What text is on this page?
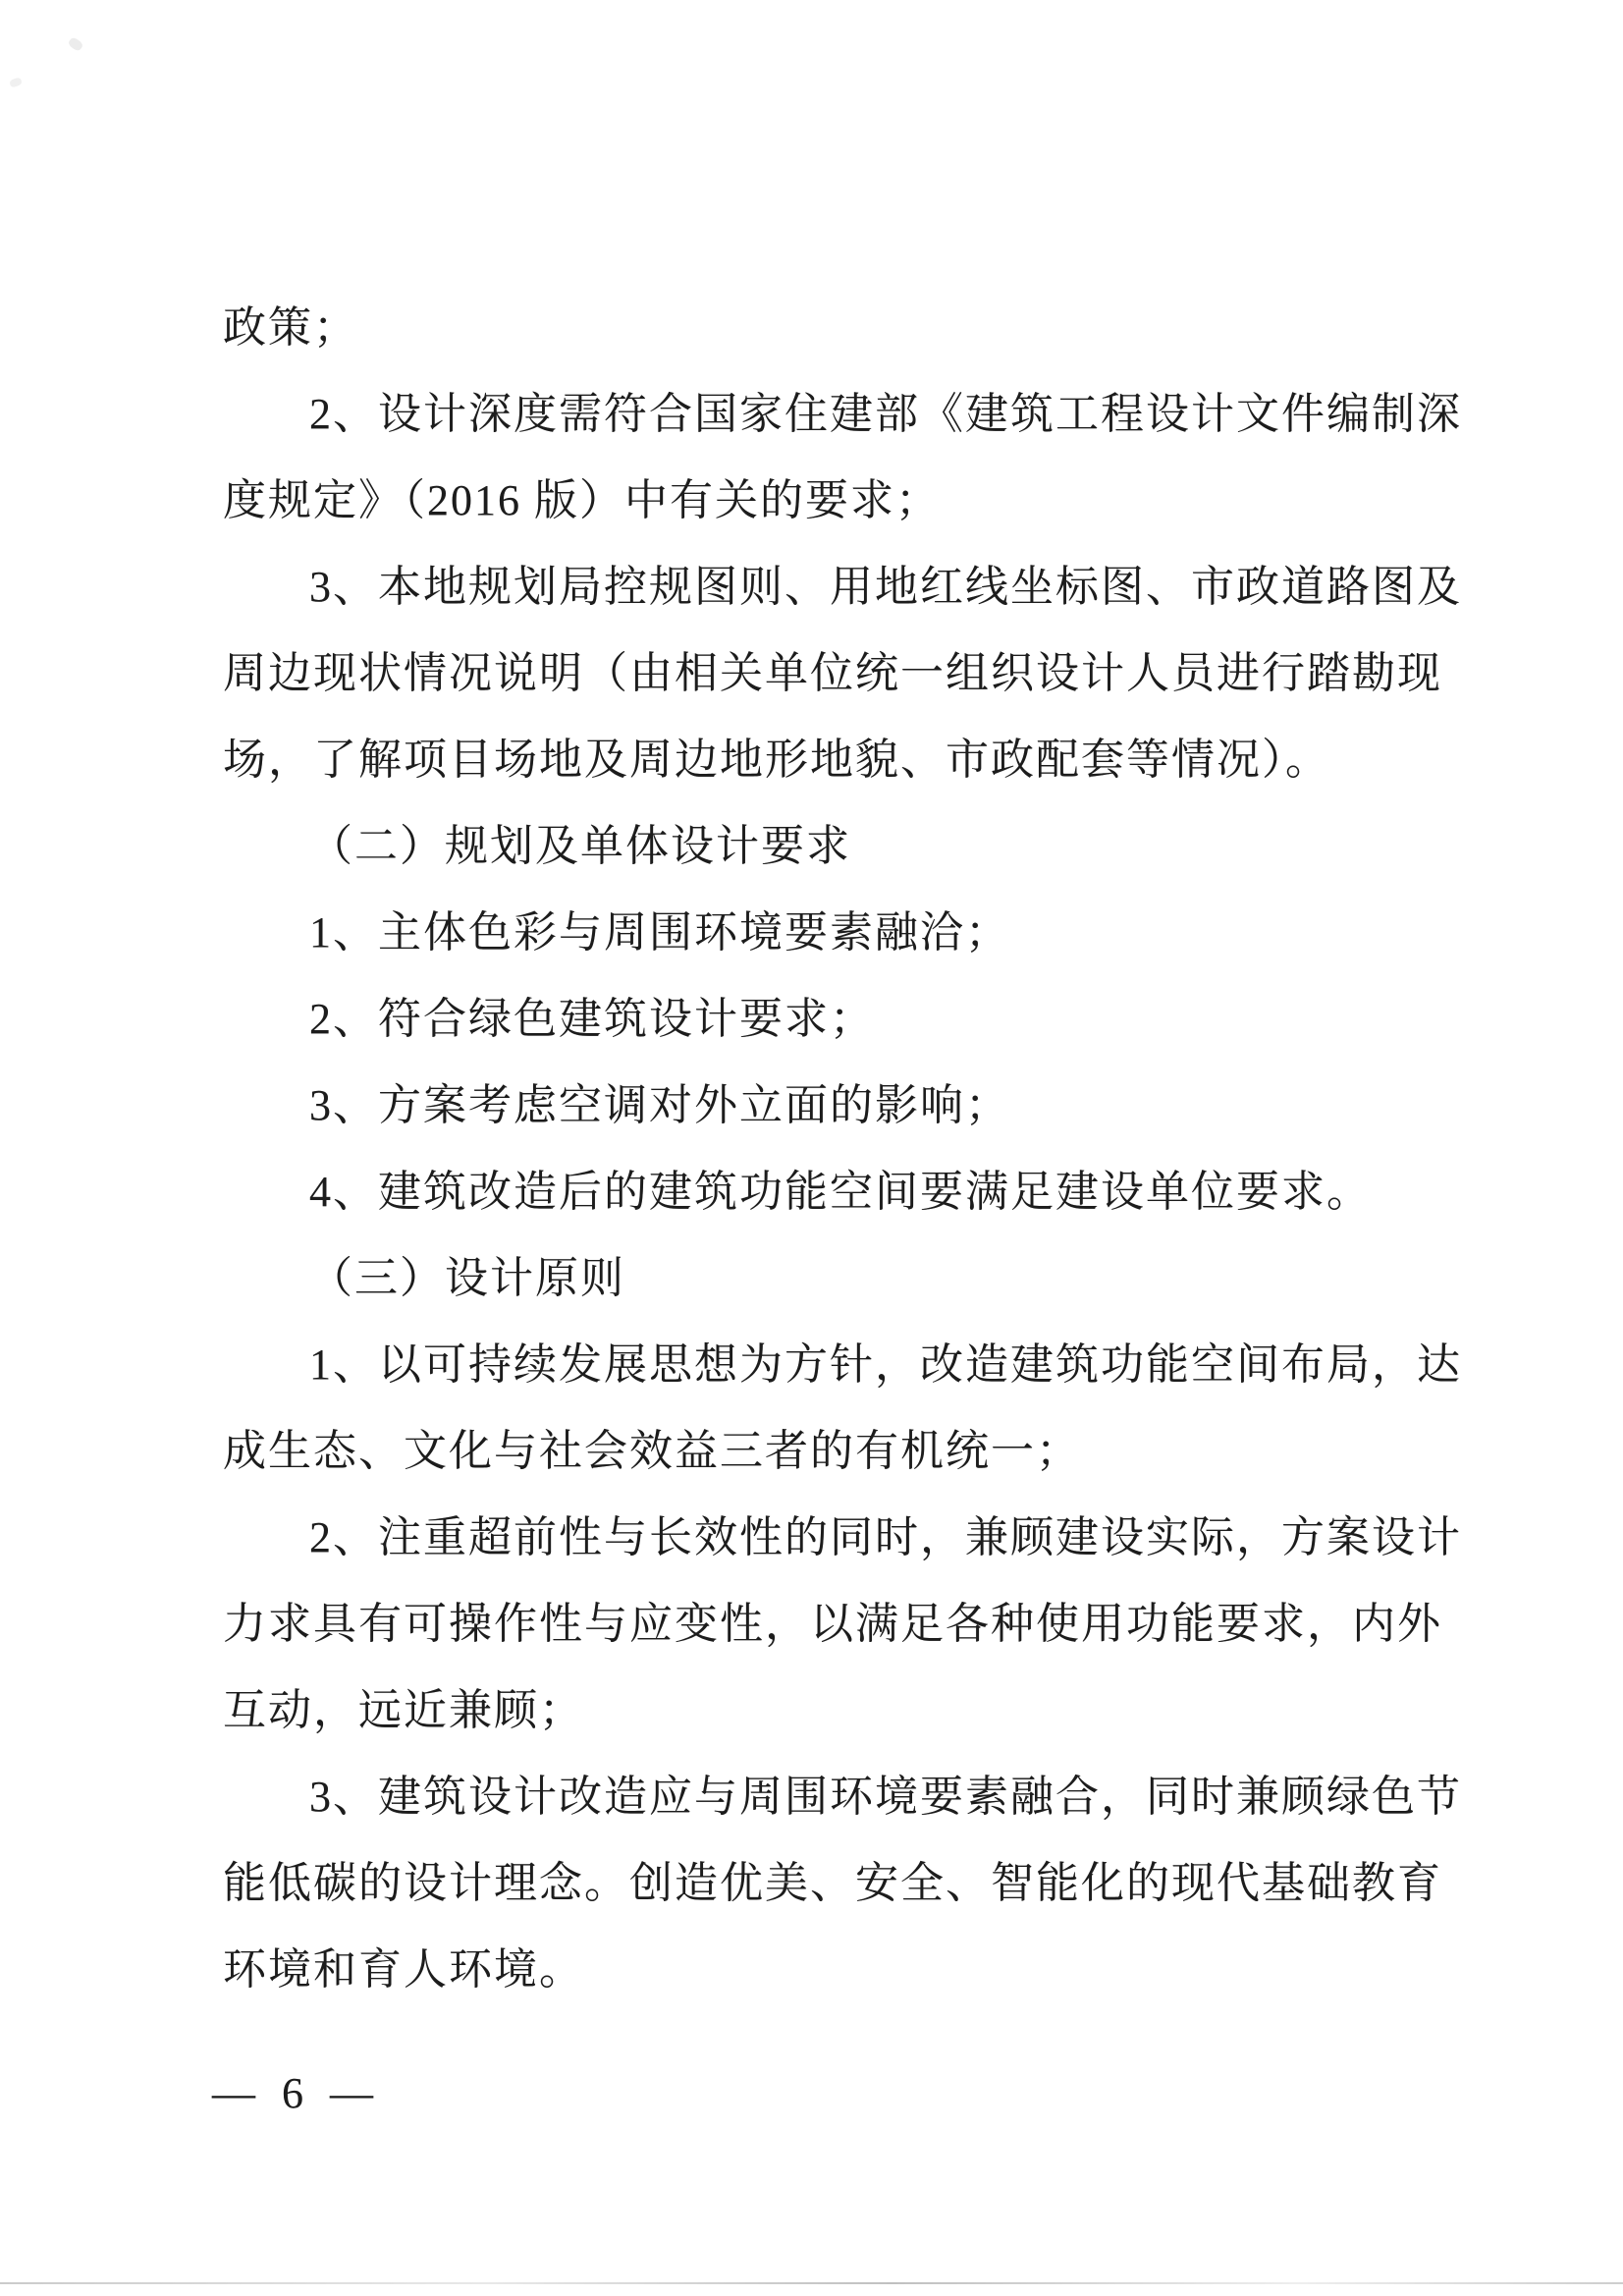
政策；
2、设计深度需符合国家住建部《建筑工程设计文件编制深
度规定》（2016 版）中有关的要求；
3、本地规划局控规图则、用地红线坐标图、市政道路图及
周边现状情况说明（由相关单位统一组织设计人员进行踏勘现
场，了解项目场地及周边地形地貌、市政配套等情况）。
（二）规划及单体设计要求
1、主体色彩与周围环境要素融洽；
2、符合绿色建筑设计要求；
3、方案考虑空调对外立面的影响；
4、建筑改造后的建筑功能空间要满足建设单位要求。
（三）设计原则
1、以可持续发展思想为方针，改造建筑功能空间布局，达
成生态、文化与社会效益三者的有机统一；
2、注重超前性与长效性的同时，兼顾建设实际，方案设计
力求具有可操作性与应变性，以满足各种使用功能要求，内外
互动，远近兼顾；
3、建筑设计改造应与周围环境要素融合，同时兼顾绿色节
能低碳的设计理念。创造优美、安全、智能化的现代基础教育
环境和育人环境。
— 6 —
